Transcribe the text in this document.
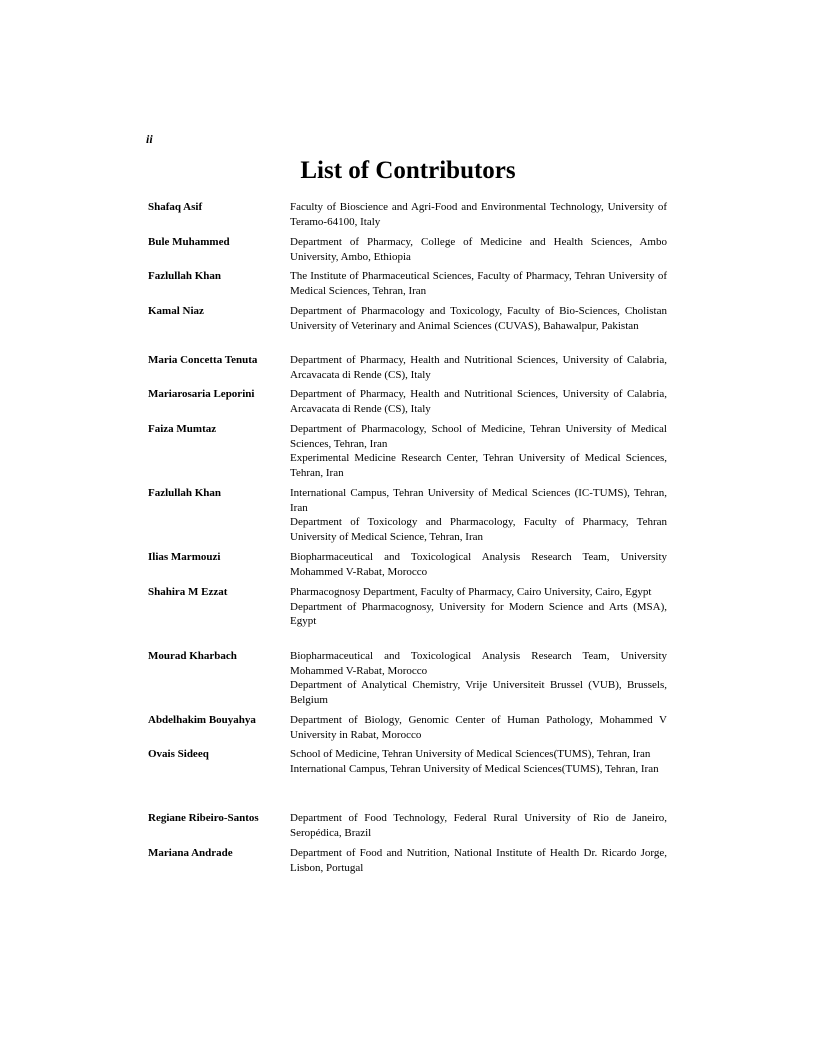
ii
List of Contributors
Shafaq Asif	Faculty of Bioscience and Agri-Food and Environmental Technology, University of Teramo-64100, Italy

Bule Muhammed	Department of Pharmacy, College of Medicine and Health Sciences, Ambo University, Ambo, Ethiopia

Fazlullah Khan	The Institute of Pharmaceutical Sciences, Faculty of Pharmacy, Tehran University of Medical Sciences, Tehran, Iran

Kamal Niaz	Department of Pharmacology and Toxicology, Faculty of Bio-Sciences, Cholistan University of Veterinary and Animal Sciences (CUVAS), Bahawalpur, Pakistan

Maria Concetta Tenuta	Department of Pharmacy, Health and Nutritional Sciences, University of Calabria, Arcavacata di Rende (CS), Italy

Mariarosaria Leporini	Department of Pharmacy, Health and Nutritional Sciences, University of Calabria, Arcavacata di Rende (CS), Italy

Faiza Mumtaz	Department of Pharmacology, School of Medicine, Tehran University of Medical Sciences, Tehran, Iran

Experimental Medicine Research Center, Tehran University of Medical Sciences, Tehran, Iran

Fazlullah Khan	International Campus, Tehran University of Medical Sciences (IC-TUMS), Tehran, Iran

Department of Toxicology and Pharmacology, Faculty of Pharmacy, Tehran University of Medical Science, Tehran, Iran

Ilias Marmouzi	Biopharmaceutical and Toxicological Analysis Research Team, University Mohammed V-Rabat, Morocco

Shahira M Ezzat	Pharmacognosy Department, Faculty of Pharmacy, Cairo University, Cairo, Egypt

Department of Pharmacognosy, University for Modern Science and Arts (MSA), Egypt

Mourad Kharbach	Biopharmaceutical and Toxicological Analysis Research Team, University Mohammed V-Rabat, Morocco

Department of Analytical Chemistry, Vrije Universiteit Brussel (VUB), Brussels, Belgium

Abdelhakim Bouyahya	Department of Biology, Genomic Center of Human Pathology, Mohammed V University in Rabat, Morocco

Ovais Sideeq	School of Medicine, Tehran University of Medical Sciences(TUMS), Tehran, Iran

International Campus, Tehran University of Medical Sciences(TUMS), Tehran, Iran

Regiane Ribeiro-Santos	Department of Food Technology, Federal Rural University of Rio de Janeiro, Seropédica, Brazil

Mariana Andrade	Department of Food and Nutrition, National Institute of Health Dr. Ricardo Jorge, Lisbon, Portugal
